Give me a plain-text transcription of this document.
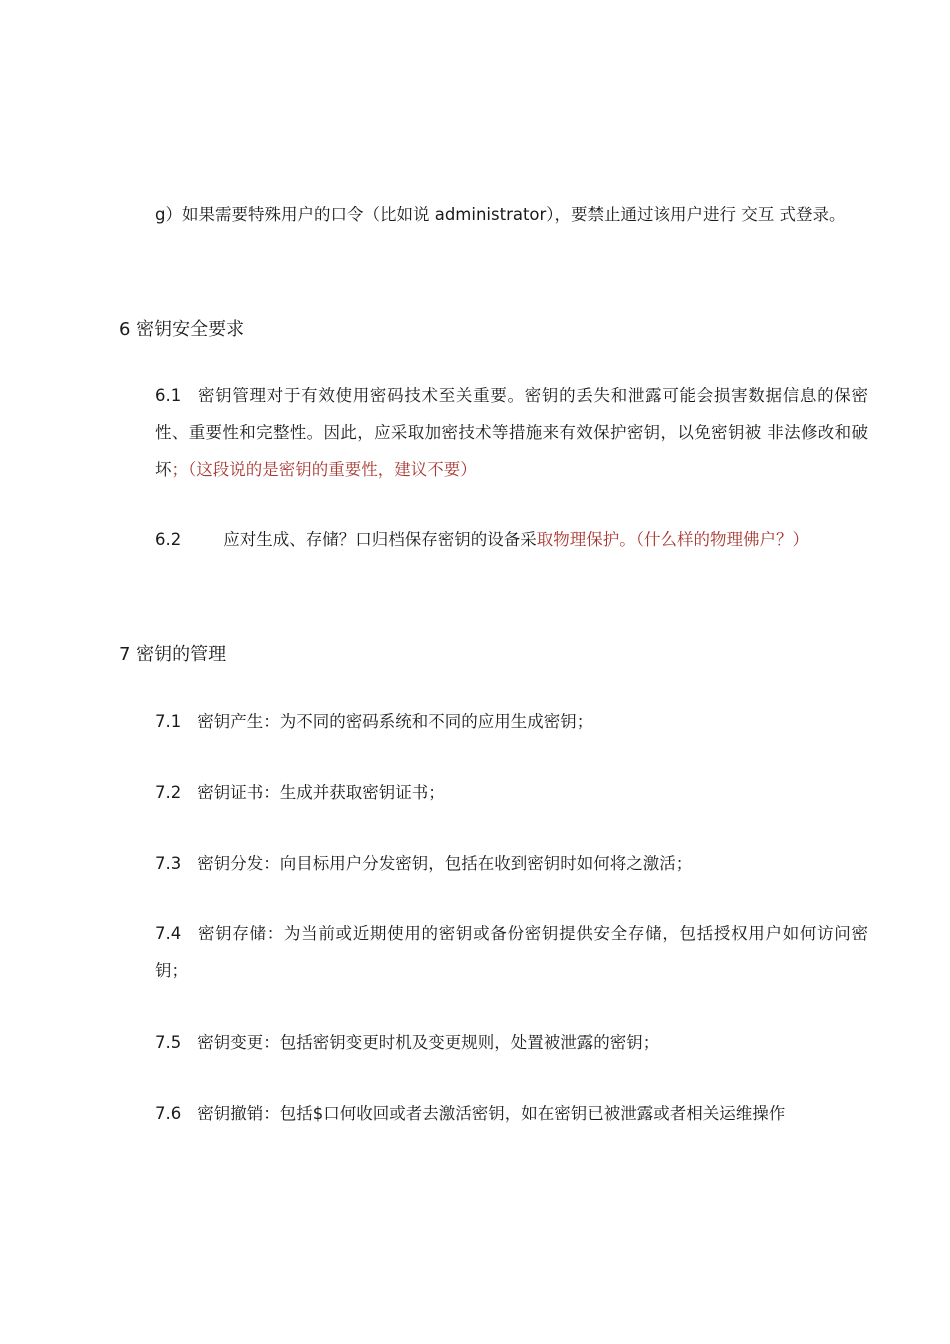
g）如果需要特殊用户的口令（比如说 administrator），要禁止通过该用户进行 交互 式登录。

6 密钥安全要求

6.1 密钥管理对于有效使用密码技术至关重要。密钥的丢失和泄露可能会损害数据信息的保密性、重要性和完整性。因此，应采取加密技术等措施来有效保护密钥，以免密钥被 非法修改和破坏；（这段说的是密钥的重要性，建议不要）

6.2	应对生成、存储？口归档保存密钥的设备采取物理保护。（什么样的物理佛户？）

7 密钥的管理

7.1 密钥产生：为不同的密码系统和不同的应用生成密钥；

7.2 密钥证书：生成并获取密钥证书；

7.3 密钥分发：向目标用户分发密钥，包括在收到密钥时如何将之激活；

7.4 密钥存储：为当前或近期使用的密钥或备份密钥提供安全存储，包括授权用户如何访问密钥；

7.5 密钥变更：包括密钥变更时机及变更规则，处置被泄露的密钥；

7.6 密钥撤销：包括$口何收回或者去激活密钥，如在密钥已被泄露或者相关运维操作
